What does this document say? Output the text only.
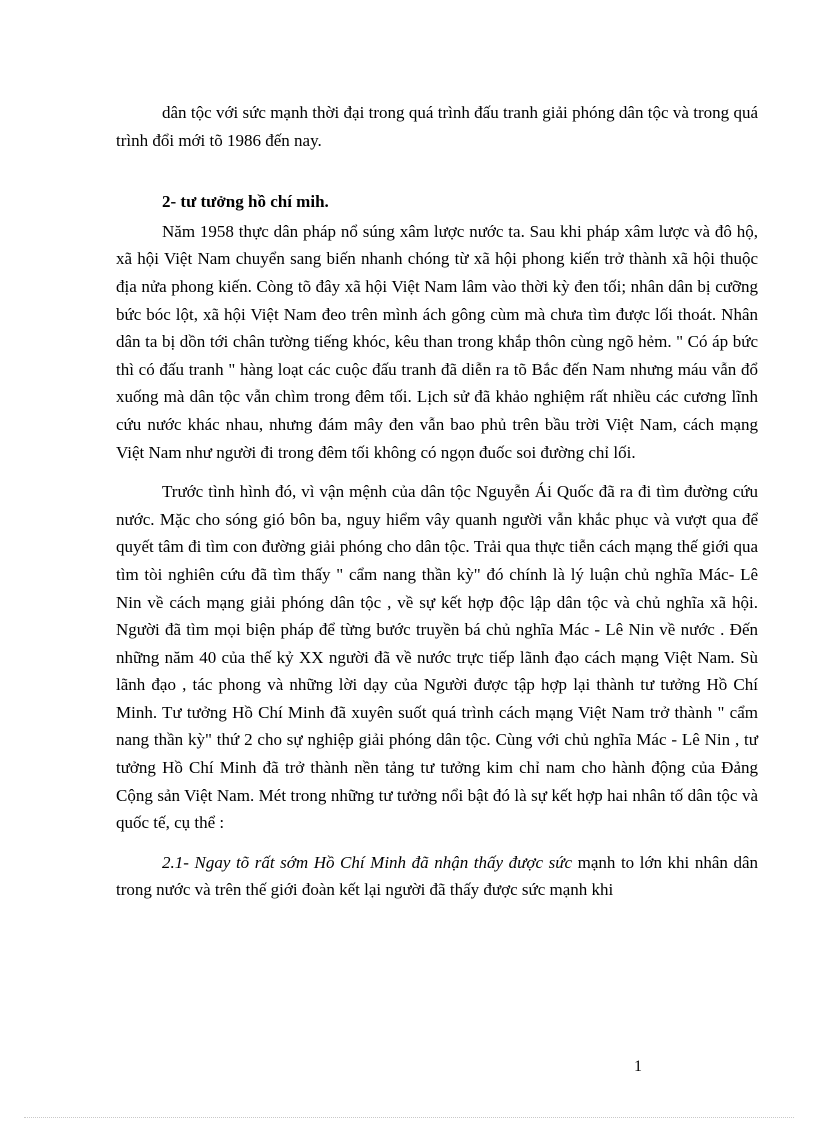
dân tộc với sức mạnh thời đại trong quá trình đấu tranh giải phóng dân tộc và trong quá trình đổi mới tõ 1986 đến nay.

2- tư tưởng hồ chí mih.

Năm 1958 thực dân pháp nổ súng xâm lược nước ta. Sau khi pháp xâm lược và đô hộ, xã hội Việt Nam chuyển sang biến nhanh chóng từ xã hội phong kiến trở thành xã hội thuộc địa nửa phong kiến. Còng tõ đây xã hội Việt Nam lâm vào thời kỳ đen tối; nhân dân bị cưỡng bức bóc lột, xã hội Việt Nam đeo trên mình ách gông cùm mà chưa tìm được lối thoát. Nhân dân ta bị dồn tới chân tường tiếng khóc, kêu than trong khắp thôn cùng ngõ hẻm. " Có áp bức thì có đấu tranh " hàng loạt các cuộc đấu tranh đã diễn ra tõ Bắc đến Nam nhưng máu vẫn đổ xuống mà dân tộc vẫn chìm trong đêm tối. Lịch sử đã khảo nghiệm rất nhiều các cương lĩnh cứu nước khác nhau, nhưng đám mây đen vẫn bao phủ trên bầu trời Việt Nam, cách mạng Việt Nam như người đi trong đêm tối không có ngọn đuốc soi đường chỉ lối.

Trước tình hình đó, vì vận mệnh của dân tộc Nguyễn Ái Quốc đã ra đi tìm đường cứu nước. Mặc cho sóng gió bôn ba, nguy hiểm vây quanh người vẫn khắc phục và vượt qua để quyết tâm đi tìm con đường giải phóng cho dân tộc. Trải qua thực tiễn cách mạng thế giới qua tìm tòi nghiên cứu đã tìm thấy " cẩm nang thần kỳ" đó chính là lý luận chủ nghĩa Mác- Lê Nin về cách mạng giải phóng dân tộc , về sự kết hợp độc lập dân tộc và chủ nghĩa xã hội. Người đã tìm mọi biện pháp để từng bước truyền bá chủ nghĩa Mác - Lê Nin về nước . Đến những năm 40 của thế kỷ XX người đã về nước trực tiếp lãnh đạo cách mạng Việt Nam. Sù lãnh đạo , tác phong và những lời dạy của Người được tập hợp lại thành tư tưởng Hồ Chí Minh. Tư tưởng Hồ Chí Minh đã xuyên suốt quá trình cách mạng Việt Nam trở thành " cẩm nang thần kỳ" thứ 2 cho sự nghiệp giải phóng dân tộc. Cùng với chủ nghĩa Mác - Lê Nin , tư tưởng Hồ Chí Minh đã trở thành nền tảng tư tưởng kim chỉ nam cho hành động của Đảng Cộng sản Việt Nam. Mét trong những tư tưởng nổi bật đó là sự kết hợp hai nhân tố dân tộc và quốc tế, cụ thể :

2.1- Ngay tõ rất sớm Hồ Chí Minh đã nhận thấy được sức mạnh to lớn khi nhân dân trong nước và trên thế giới đoàn kết lại người đã thấy được sức mạnh khi

1
